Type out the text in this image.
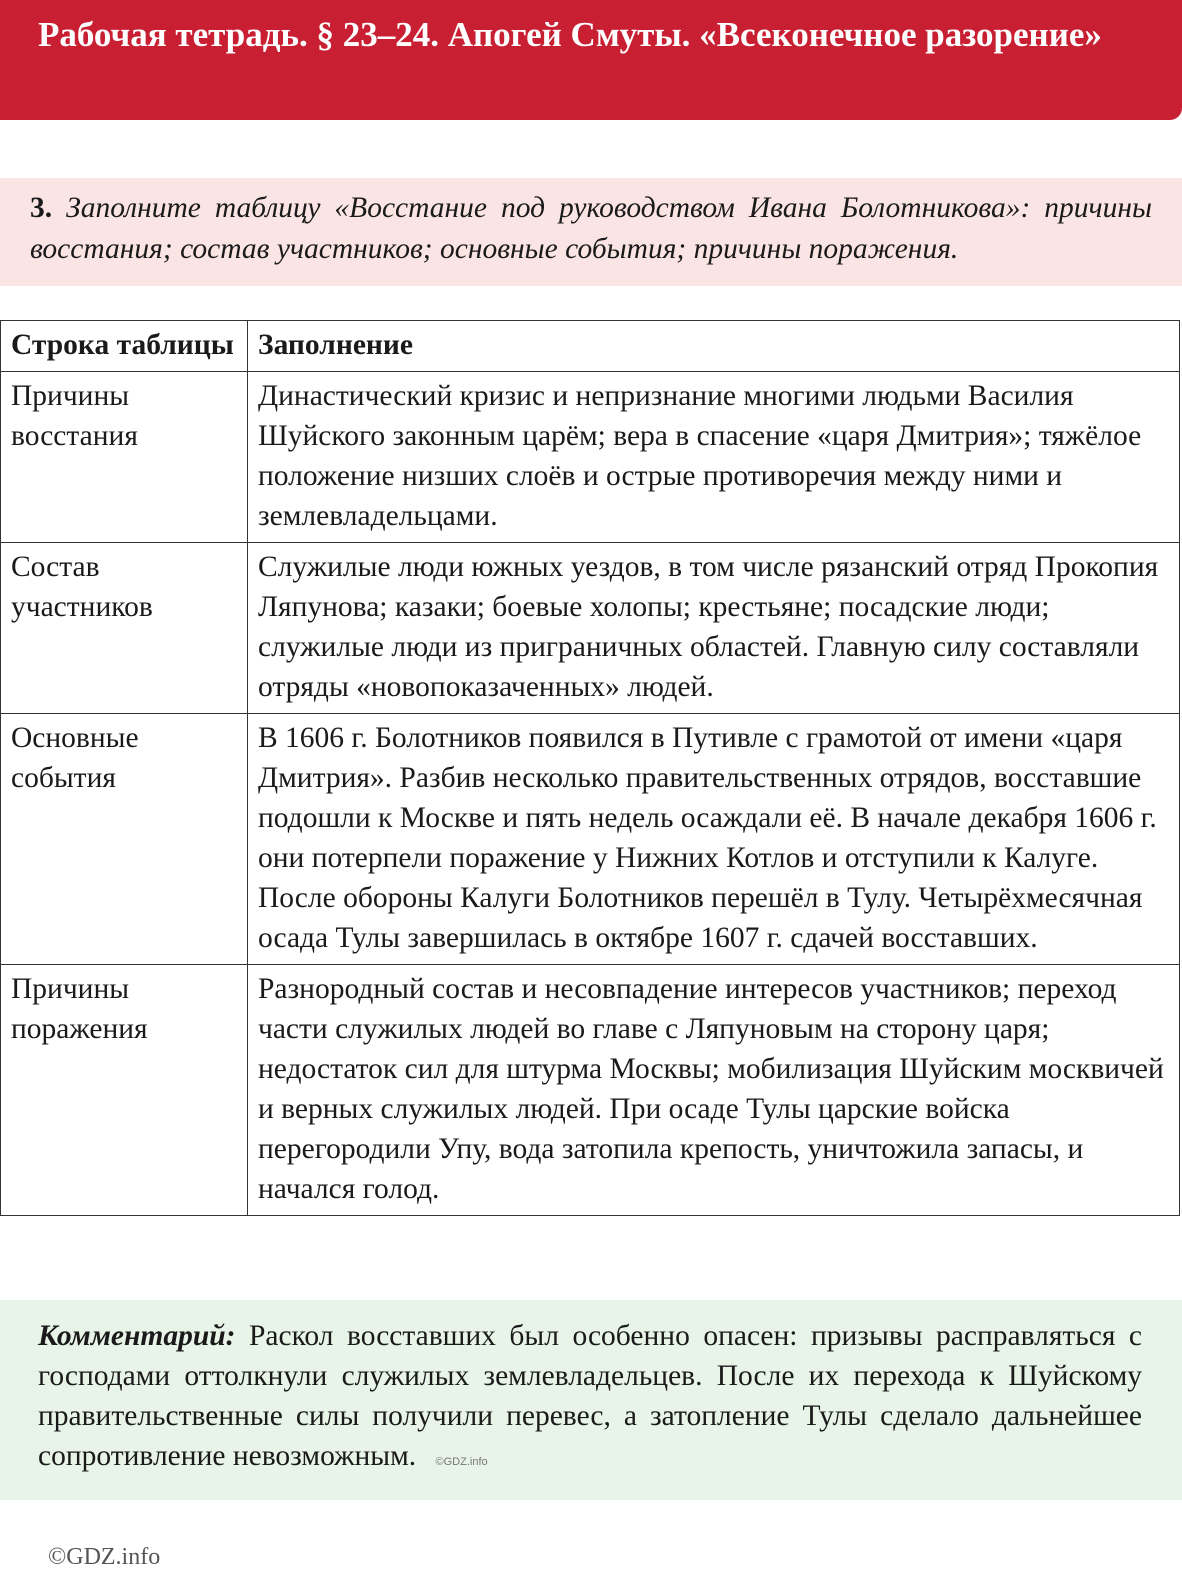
Рабочая тетрадь. § 23–24. Апогей Смуты. «Всеконечное разорение»
3. Заполните таблицу «Восстание под руководством Ивана Болотникова»: причины восстания; состав участников; основные события; причины поражения.
Строка таблицы	Заполнение
Причины восстания	Династический кризис и непризнание многими людьми Василия Шуйского законным царём; вера в спасение «царя Дмитрия»; тяжёлое положение низших слоёв и острые противоречия между ними и землевладельцами.
Состав участников	Служилые люди южных уездов, в том числе рязанский отряд Прокопия Ляпунова; казаки; боевые холопы; крестьяне; посадские люди; служилые люди из приграничных областей. Главную силу составляли отряды «новопоказаченных» людей.
Основные события	В 1606 г. Болотников появился в Путивле с грамотой от имени «царя Дмитрия». Разбив несколько правительственных отрядов, восставшие подошли к Москве и пять недель осаждали её. В начале декабря 1606 г. они потерпели поражение у Нижних Котлов и отступили к Калуге. После обороны Калуги Болотников перешёл в Тулу. Четырёхмесячная осада Тулы завершилась в октябре 1607 г. сдачей восставших.
Причины поражения	Разнородный состав и несовпадение интересов участников; переход части служилых людей во главе с Ляпуновым на сторону царя; недостаток сил для штурма Москвы; мобилизация Шуйским москвичей и верных служилых людей. При осаде Тулы царские войска перегородили Упу, вода затопила крепость, уничтожила запасы, и начался голод.
Комментарий: Раскол восставших был особенно опасен: призывы расправляться с господами оттолкнули служилых землевладельцев. После их перехода к Шуйскому правительственные силы получили перевес, а затопление Тулы сделало дальнейшее сопротивление невозможным. ©GDZ.info
©GDZ.info
